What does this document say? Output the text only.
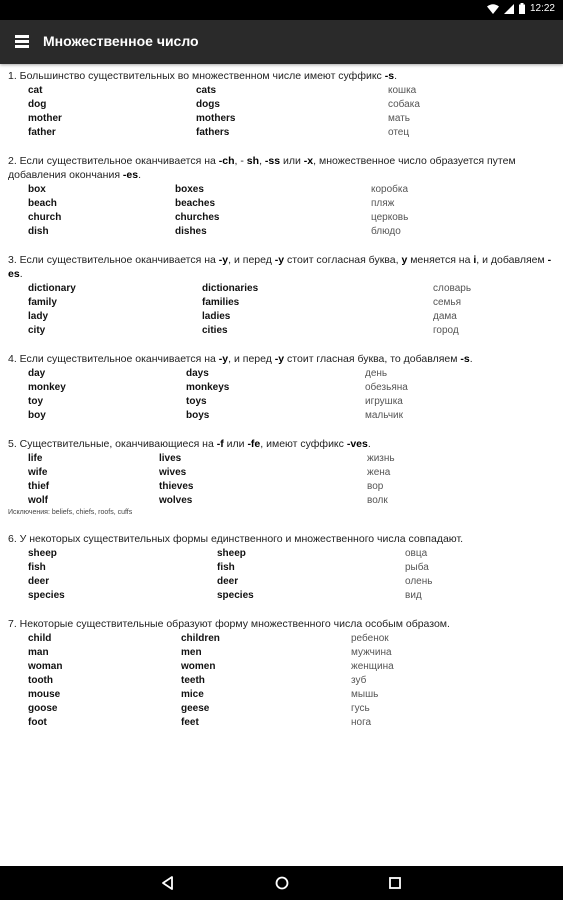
12:22
Множественное число
1. Большинство существительных во множественном числе имеют суффикс -s.
cat	cats	кошка
dog	dogs	собака
mother	mothers	мать
father	fathers	отец
2. Если существительное оканчивается на -ch, - sh, -ss или -x, множественное число образуется путем добавления окончания -es.
box	boxes	коробка
beach	beaches	пляж
church	churches	церковь
dish	dishes	блюдо
3. Если существительное оканчивается на -y, и перед -y стоит согласная буква, y меняется на i, и добавляем -es.
dictionary	dictionaries	словарь
family	families	семья
lady	ladies	дама
city	cities	город
4. Если существительное оканчивается на -y, и перед -y стоит гласная буква, то добавляем -s.
day	days	день
monkey	monkeys	обезьяна
toy	toys	игрушка
boy	boys	мальчик
5. Существительные, оканчивающиеся на -f или -fe, имеют суффикс -ves.
life	lives	жизнь
wife	wives	жена
thief	thieves	вор
wolf	wolves	волк
Исключения: beliefs, chiefs, roofs, cuffs
6. У некоторых существительных формы единственного и множественного числа совпадают.
sheep	sheep	овца
fish	fish	рыба
deer	deer	олень
species	species	вид
7. Некоторые существительные образуют форму множественного числа особым образом.
child	children	ребенок
man	men	мужчина
woman	women	женщина
tooth	teeth	зуб
mouse	mice	мышь
goose	geese	гусь
foot	feet	нога
